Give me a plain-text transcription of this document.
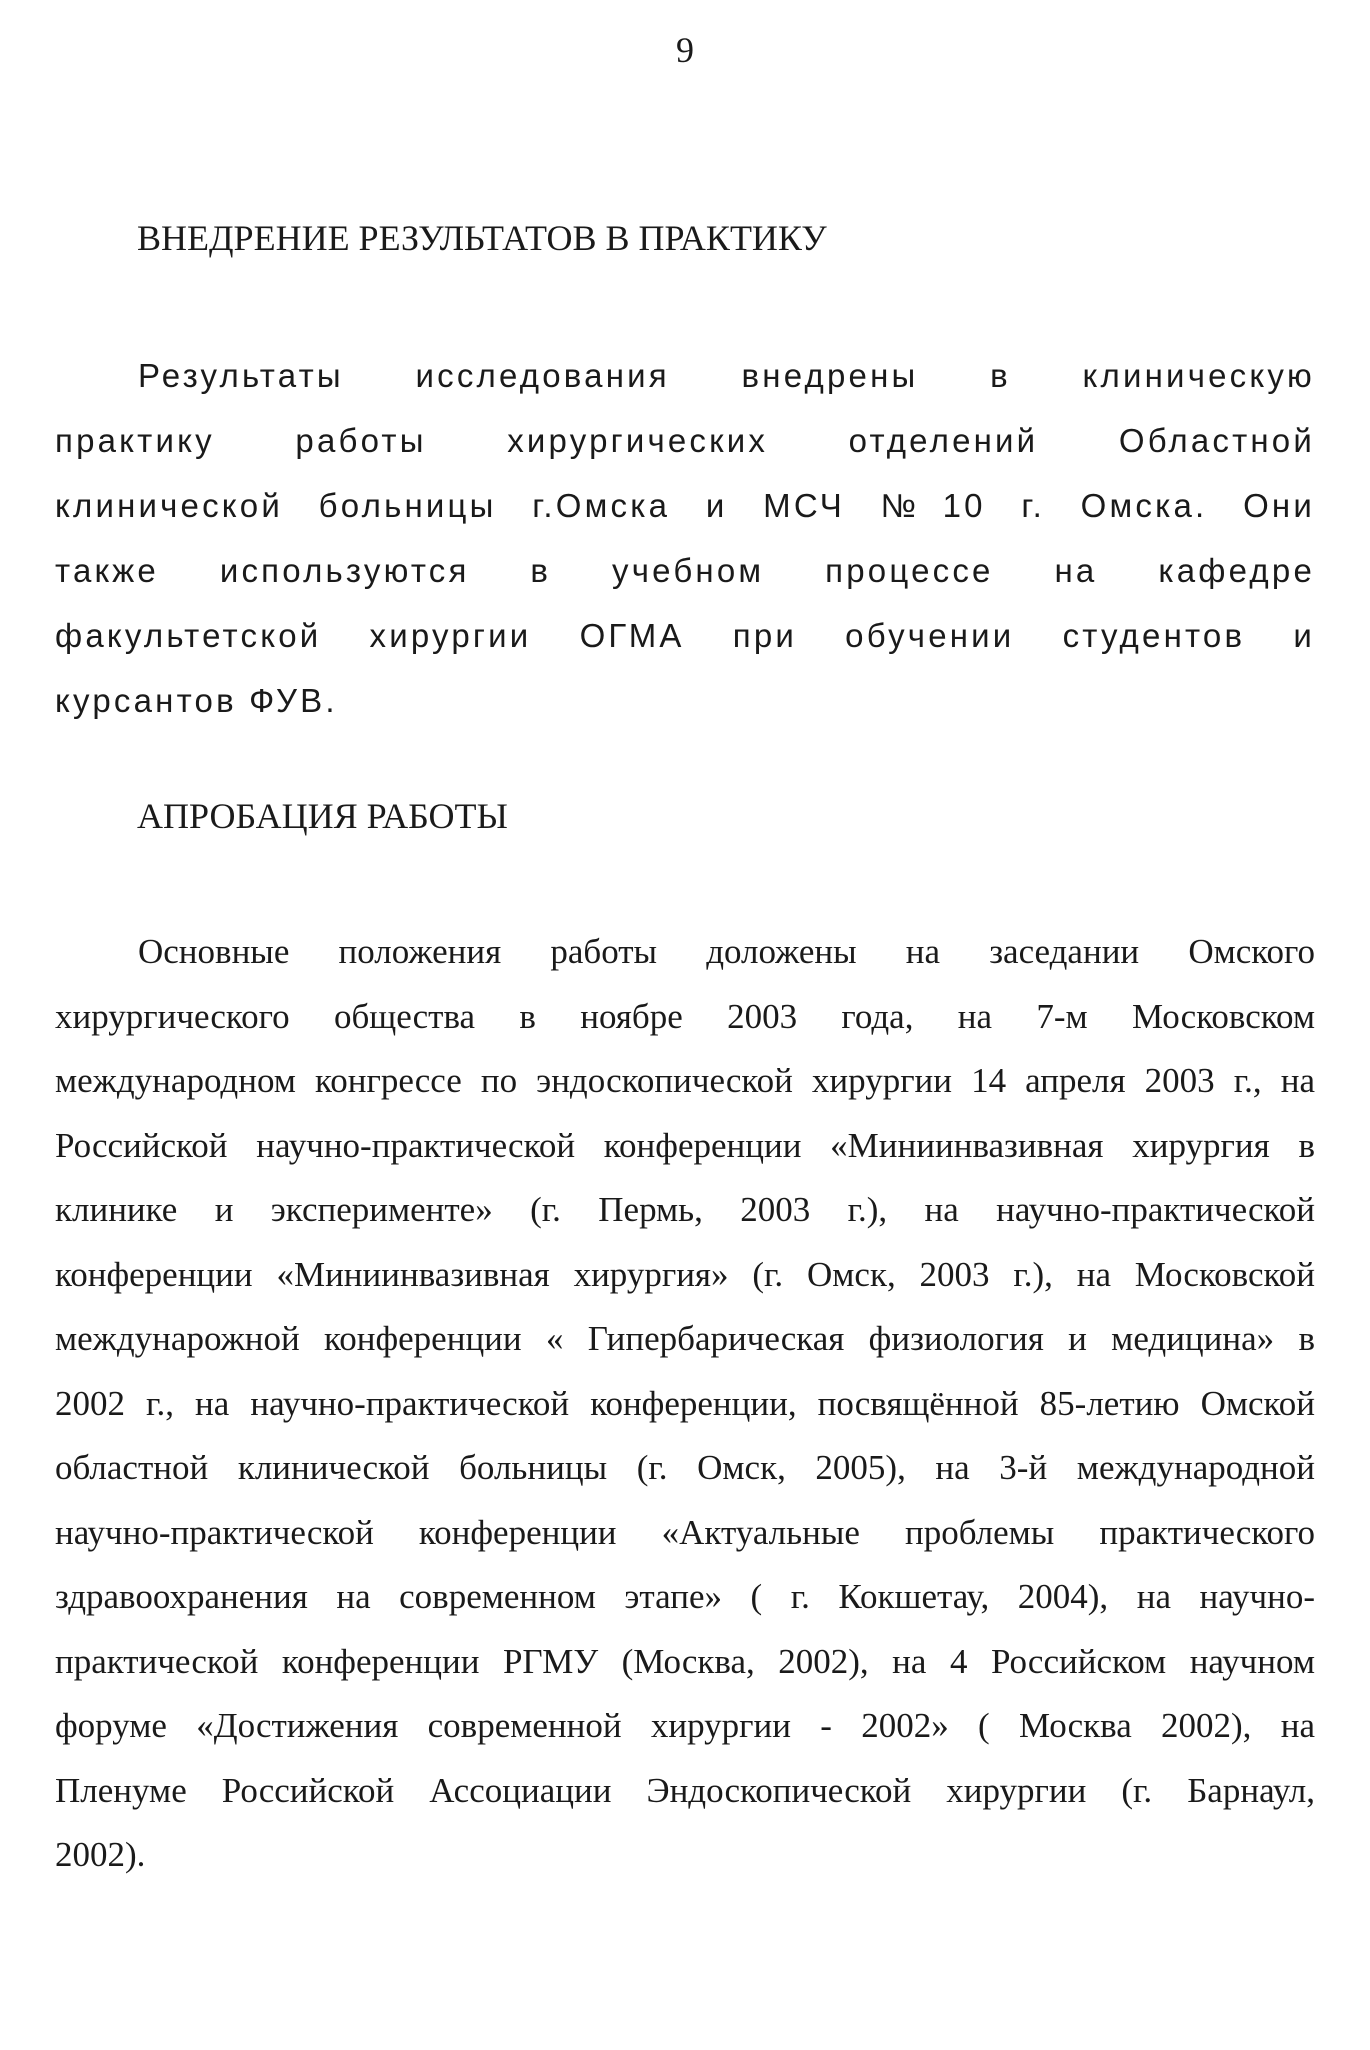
9
ВНЕДРЕНИЕ РЕЗУЛЬТАТОВ В ПРАКТИКУ
Результаты исследования внедрены в клиническую
практику работы хирургических отделений Областной
клинической больницы г.Омска и МСЧ №10 г. Омска. Они
также используются в учебном процессе на кафедре
факультетской хирургии ОГМА при обучении студентов и
курсантов ФУВ.
АПРОБАЦИЯ РАБОТЫ
Основные положения работы доложены на заседании Омского
хирургического общества в ноябре 2003 года, на 7-м Московском
международном конгрессе по эндоскопической хирургии 14 апреля 2003 г., на
Российской научно-практической конференции «Миниинвазивная хирургия в
клинике и эксперименте» (г. Пермь, 2003 г.), на научно-практической
конференции «Миниинвазивная хирургия» (г. Омск, 2003 г.), на Московской
междунарожной конференции « Гипербарическая физиология и медицина» в
2002 г., на научно-практической конференции, посвящённой 85-летию Омской
областной клинической больницы (г. Омск, 2005), на 3-й международной
научно-практической конференции «Актуальные проблемы практического
здравоохранения на современном этапе» ( г. Кокшетау, 2004), на научно-
практической конференции РГМУ (Москва, 2002), на 4 Российском научном
форуме «Достижения современной хирургии - 2002» ( Москва 2002), на
Пленуме Российской Ассоциации Эндоскопической хирургии (г. Барнаул,
2002).
